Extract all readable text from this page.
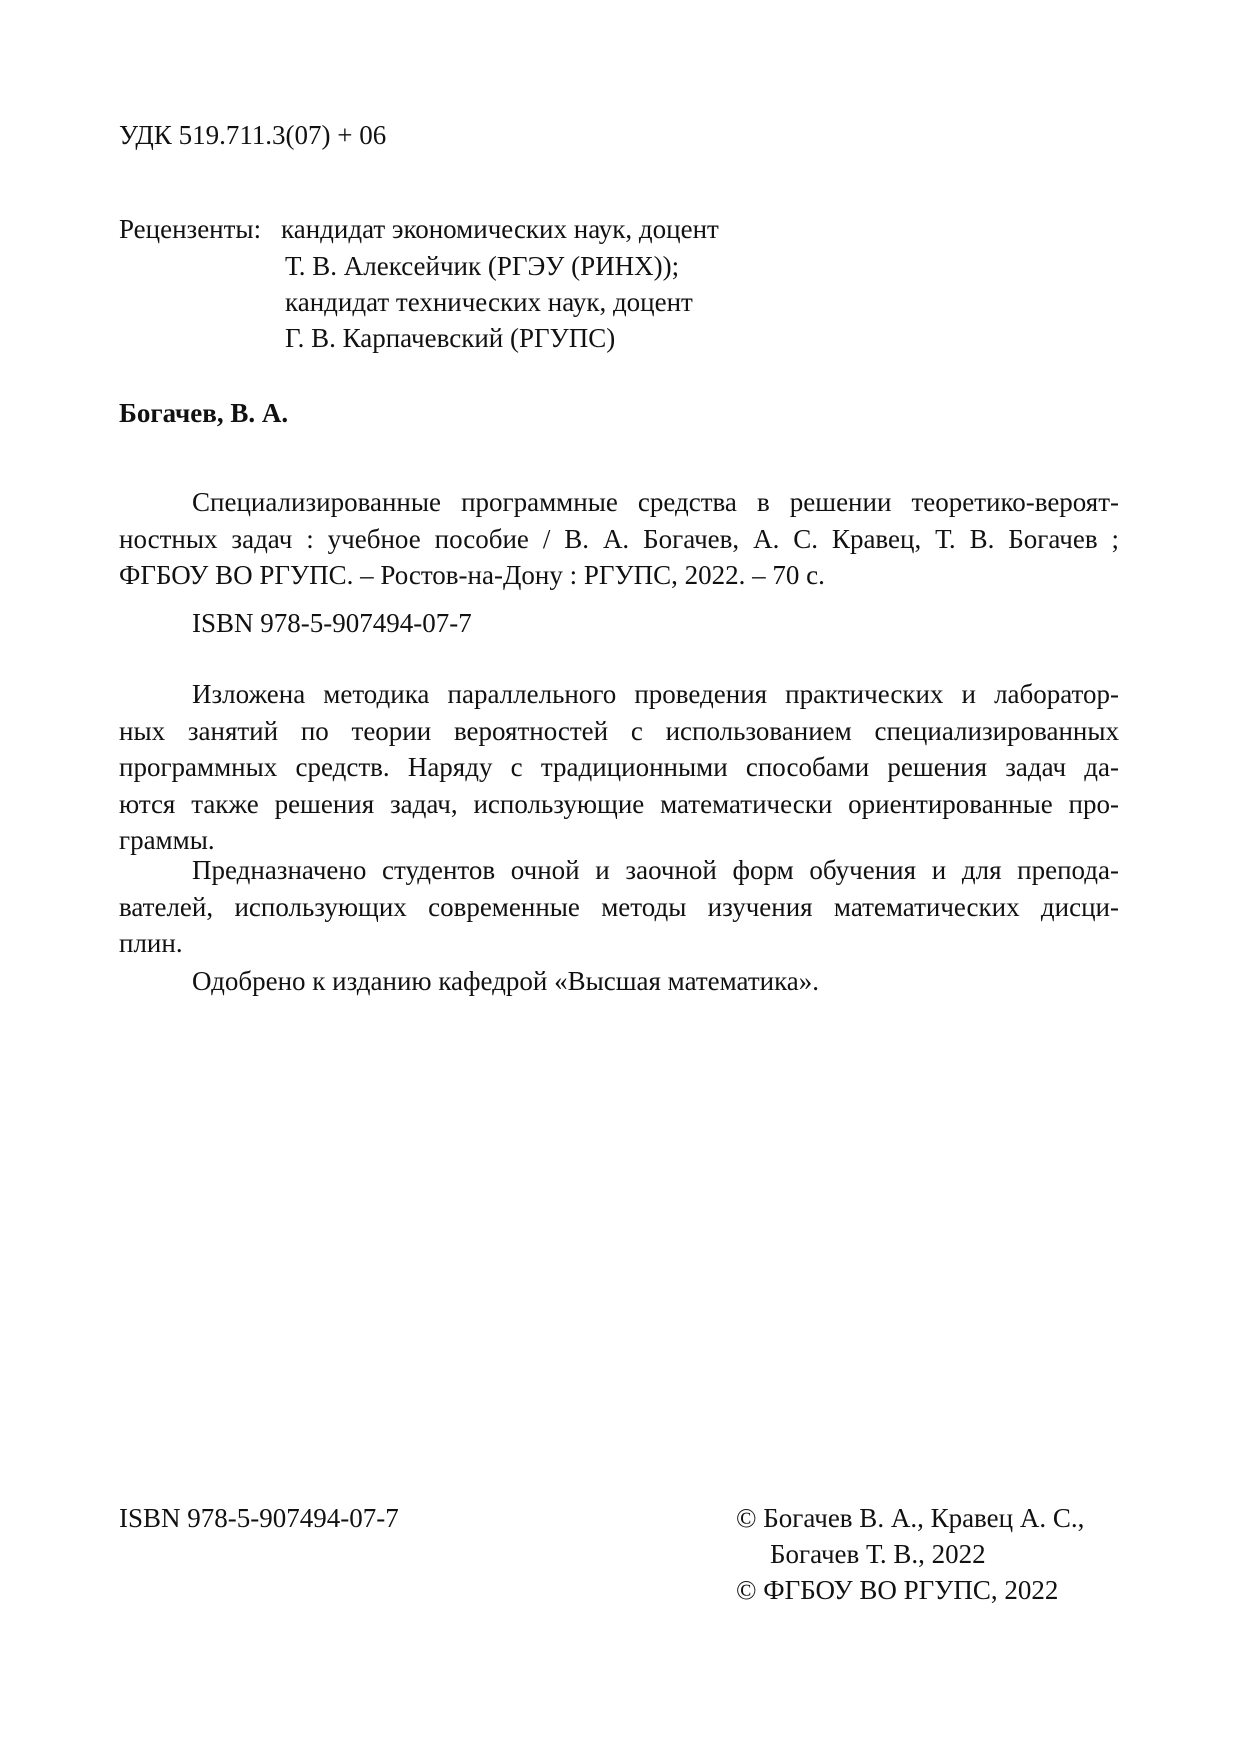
УДК 519.711.3(07) + 06
Рецензенты: кандидат экономических наук, доцент
Т. В. Алексейчик (РГЭУ (РИНХ));
кандидат технических наук, доцент
Г. В. Карпачевский (РГУПС)
Богачев, В. А.
Специализированные программные средства в решении теоретико-вероят-
ностных задач : учебное пособие / В. А. Богачев, А. С. Кравец, Т. В. Богачев ;
ФГБОУ ВО РГУПС. – Ростов-на-Дону : РГУПС, 2022. – 70 с.
ISBN 978-5-907494-07-7
Изложена методика параллельного проведения практических и лаборатор-
ных занятий по теории вероятностей с использованием специализированных
программных средств. Наряду с традиционными способами решения задач да-
ются также решения задач, использующие математически ориентированные про-
граммы.
Предназначено студентов очной и заочной форм обучения и для препода-
вателей, использующих современные методы изучения математических дисци-
плин.
Одобрено к изданию кафедрой «Высшая математика».
ISBN 978-5-907494-07-7	© Богачев В. А., Кравец А. С.,
Богачев Т. В., 2022
© ФГБОУ ВО РГУПС, 2022
